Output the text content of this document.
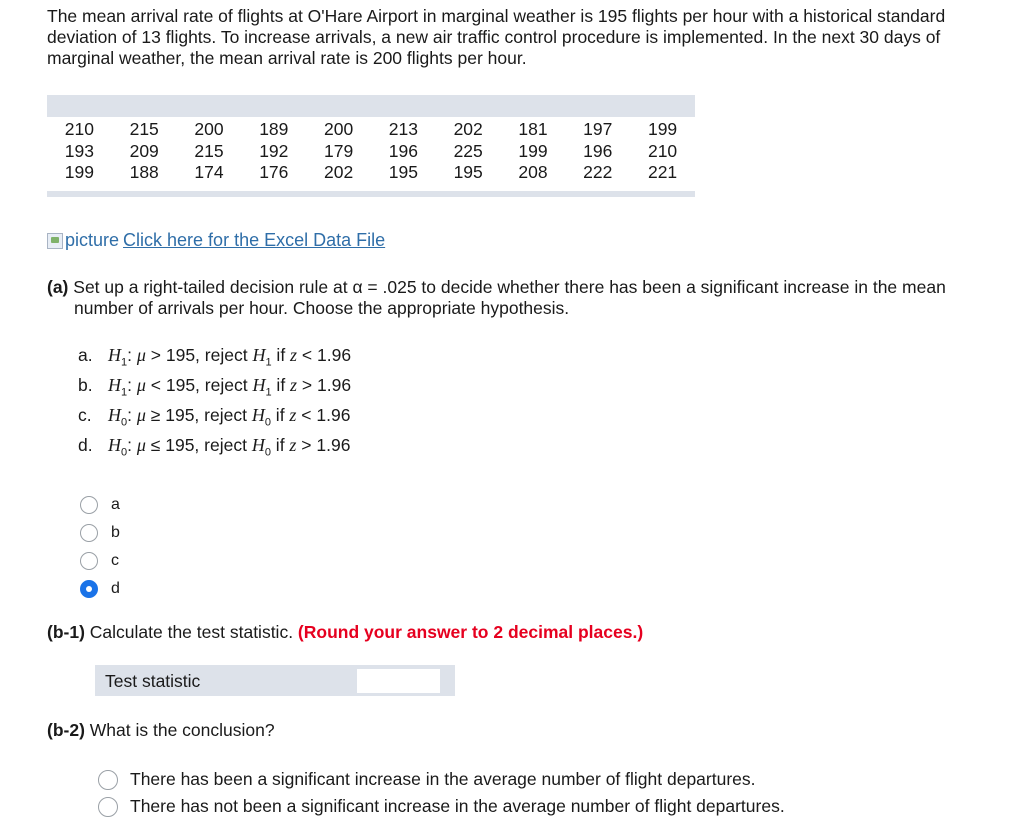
The mean arrival rate of flights at O'Hare Airport in marginal weather is 195 flights per hour with a historical standard deviation of 13 flights. To increase arrivals, a new air traffic control procedure is implemented. In the next 30 days of marginal weather, the mean arrival rate is 200 flights per hour.

210	215	200	189	200	213	202	181	197	199
193	209	215	192	179	196	225	199	196	210
199	188	174	176	202	195	195	208	222	221
picture Click here for the Excel Data File

(a) Set up a right-tailed decision rule at α = .025 to decide whether there has been a significant increase in the mean number of arrivals per hour. Choose the appropriate hypothesis.

a. $H_1$: μ > 195, reject $H_1$ if z < 1.96
b. $H_1$: μ < 195, reject $H_1$ if z > 1.96
c. $H_0$: μ ≥ 195, reject $H_0$ if z < 1.96
d. $H_0$: μ ≤ 195, reject $H_0$ if z > 1.96
a
b
c
d
(b-1) Calculate the test statistic. (Round your answer to 2 decimal places.)
Test statistic
(b-2) What is the conclusion?
There has been a significant increase in the average number of flight departures.
There has not been a significant increase in the average number of flight departures.
